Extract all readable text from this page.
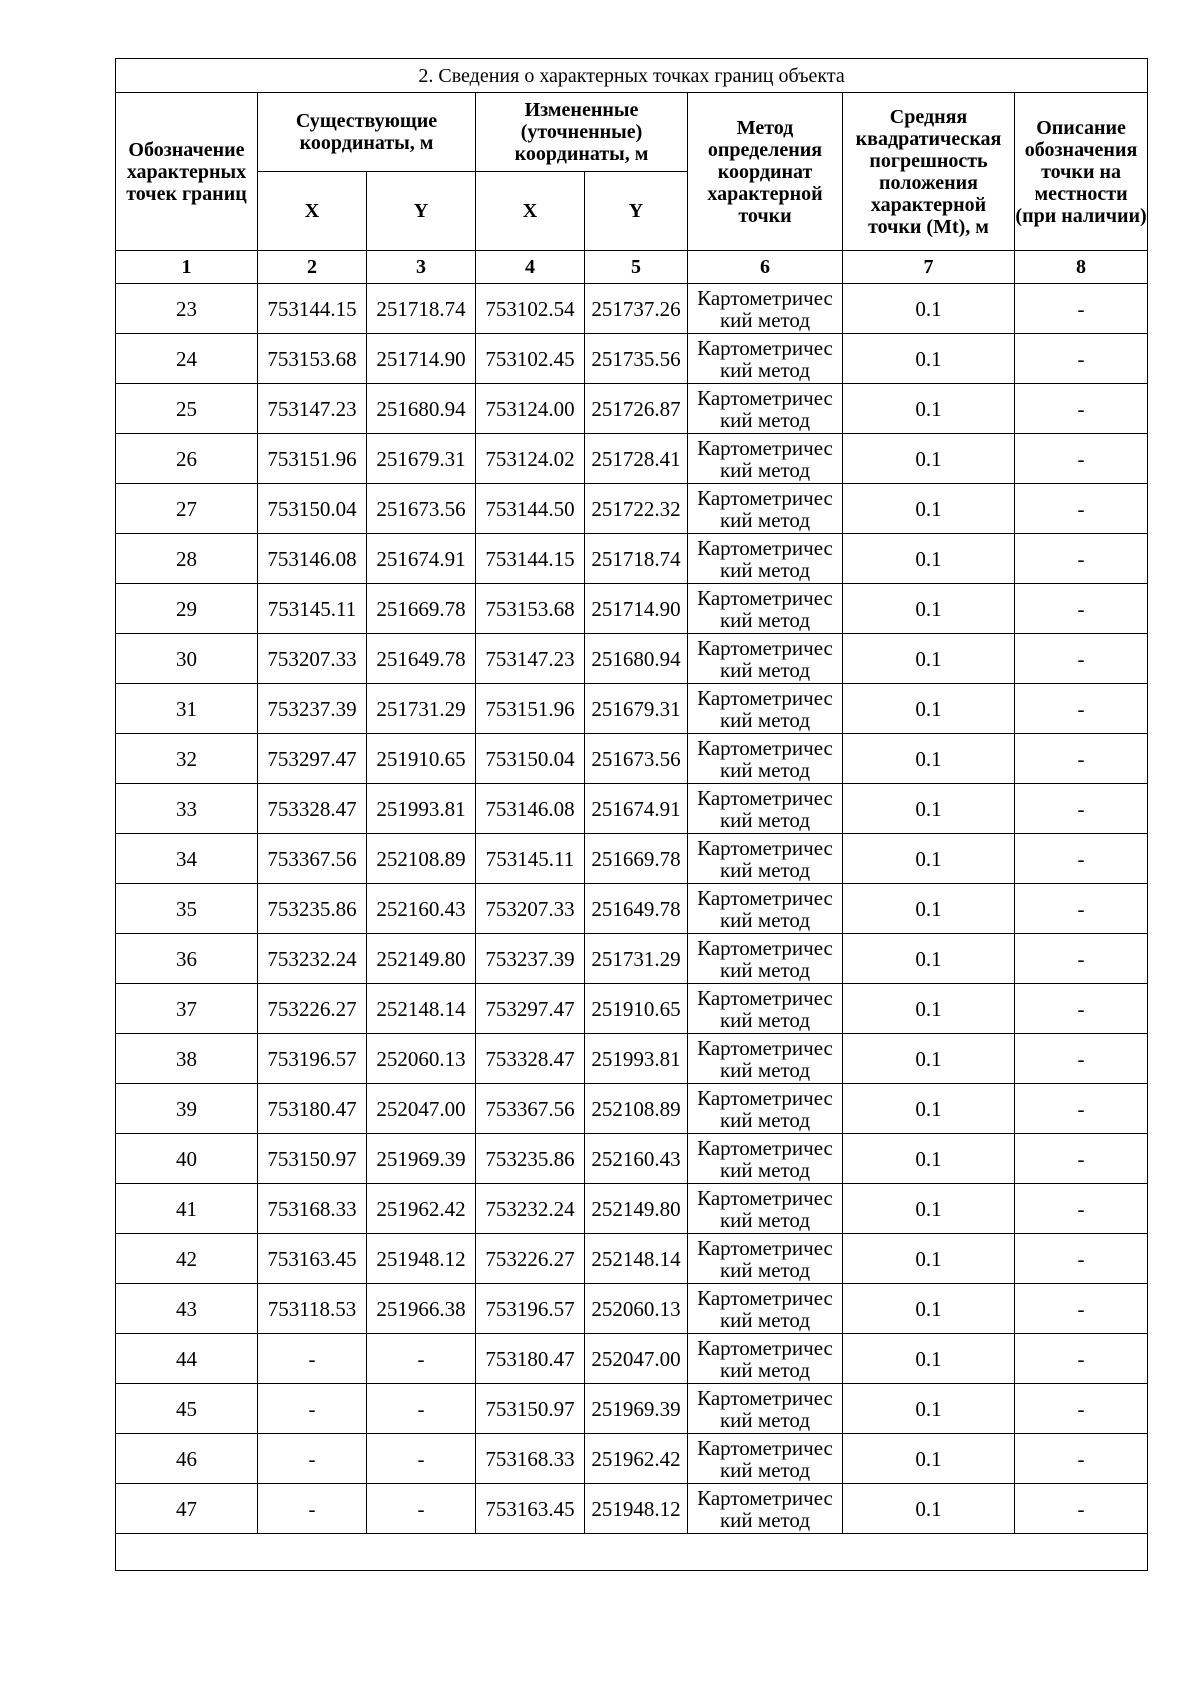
2. Сведения о характерных точках границ объекта							
Обозначение характерных точек границ	Существующие координаты, м		Измененные (уточненные) координаты, м		Метод определения координат характерной точки	Средняя квадратическая погрешность положения характерной точки (Mt), м	Описание обозначения точки на местности (при наличии)
	X	Y	X	Y			
1	2	3	4	5	6	7	8
23	753144.15	251718.74	753102.54	251737.26	Картометричес
кий метод	0.1	-
24	753153.68	251714.90	753102.45	251735.56	Картометричес
кий метод	0.1	-
25	753147.23	251680.94	753124.00	251726.87	Картометричес
кий метод	0.1	-
26	753151.96	251679.31	753124.02	251728.41	Картометричес
кий метод	0.1	-
27	753150.04	251673.56	753144.50	251722.32	Картометричес
кий метод	0.1	-
28	753146.08	251674.91	753144.15	251718.74	Картометричес
кий метод	0.1	-
29	753145.11	251669.78	753153.68	251714.90	Картометричес
кий метод	0.1	-
30	753207.33	251649.78	753147.23	251680.94	Картометричес
кий метод	0.1	-
31	753237.39	251731.29	753151.96	251679.31	Картометричес
кий метод	0.1	-
32	753297.47	251910.65	753150.04	251673.56	Картометричес
кий метод	0.1	-
33	753328.47	251993.81	753146.08	251674.91	Картометричес
кий метод	0.1	-
34	753367.56	252108.89	753145.11	251669.78	Картометричес
кий метод	0.1	-
35	753235.86	252160.43	753207.33	251649.78	Картометричес
кий метод	0.1	-
36	753232.24	252149.80	753237.39	251731.29	Картометричес
кий метод	0.1	-
37	753226.27	252148.14	753297.47	251910.65	Картометричес
кий метод	0.1	-
38	753196.57	252060.13	753328.47	251993.81	Картометричес
кий метод	0.1	-
39	753180.47	252047.00	753367.56	252108.89	Картометричес
кий метод	0.1	-
40	753150.97	251969.39	753235.86	252160.43	Картометричес
кий метод	0.1	-
41	753168.33	251962.42	753232.24	252149.80	Картометричес
кий метод	0.1	-
42	753163.45	251948.12	753226.27	252148.14	Картометричес
кий метод	0.1	-
43	753118.53	251966.38	753196.57	252060.13	Картометричес
кий метод	0.1	-
44	-	-	753180.47	252047.00	Картометричес
кий метод	0.1	-
45	-	-	753150.97	251969.39	Картометричес
кий метод	0.1	-
46	-	-	753168.33	251962.42	Картометричес
кий метод	0.1	-
47	-	-	753163.45	251948.12	Картометричес
кий метод	0.1	-
